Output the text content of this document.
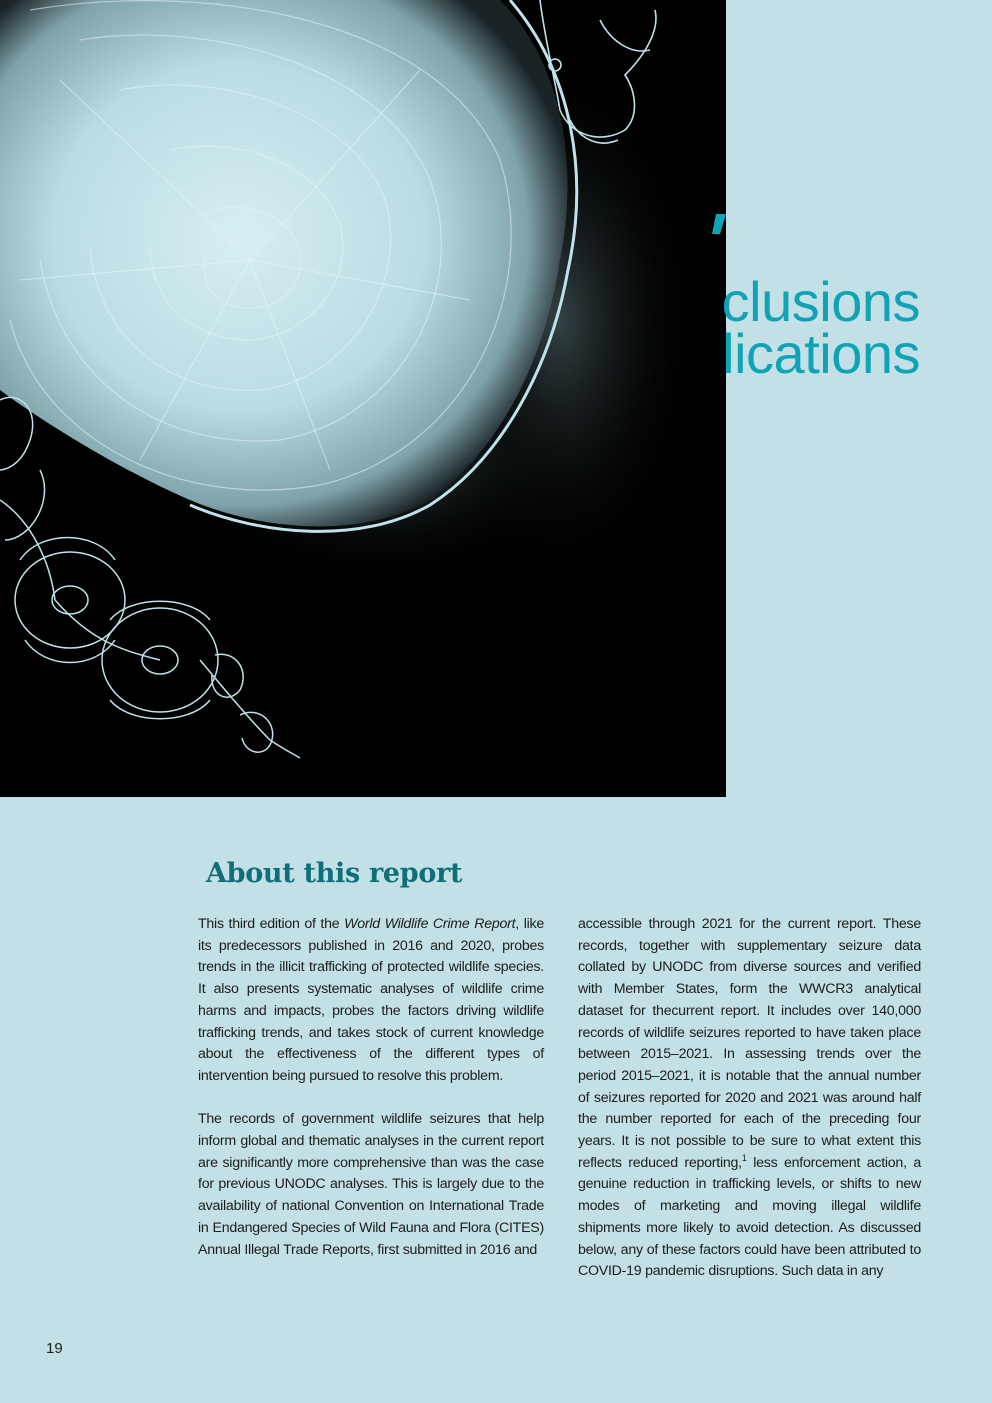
clusions
lications
About this report

This third edition of the World Wildlife Crime Report, like its predecessors published in 2016 and 2020, probes trends in the illicit trafficking of protected wildlife species. It also presents systematic analyses of wildlife crime harms and impacts, probes the factors driving wildlife trafficking trends, and takes stock of current knowledge about the effectiveness of the different types of intervention being pursued to resolve this problem.

The records of government wildlife seizures that help inform global and thematic analyses in the current report are significantly more comprehensive than was the case for previous UNODC analyses. This is largely due to the availability of national Convention on International Trade in Endangered Species of Wild Fauna and Flora (CITES) Annual Illegal Trade Reports, first submitted in 2016 and

accessible through 2021 for the current report. These records, together with supplementary seizure data collated by UNODC from diverse sources and verified with Member States, form the WWCR3 analytical dataset for thecurrent report. It includes over 140,000 records of wildlife seizures reported to have taken place between 2015–2021. In assessing trends over the period 2015–2021, it is notable that the annual number of seizures reported for 2020 and 2021 was around half the number reported for each of the preceding four years. It is not possible to be sure to what extent this reflects reduced reporting,$^1$ less enforcement action, a genuine reduction in trafficking levels, or shifts to new modes of marketing and moving illegal wildlife shipments more likely to avoid detection. As discussed below, any of these factors could have been attributed to COVID-19 pandemic disruptions. Such data in any

19
